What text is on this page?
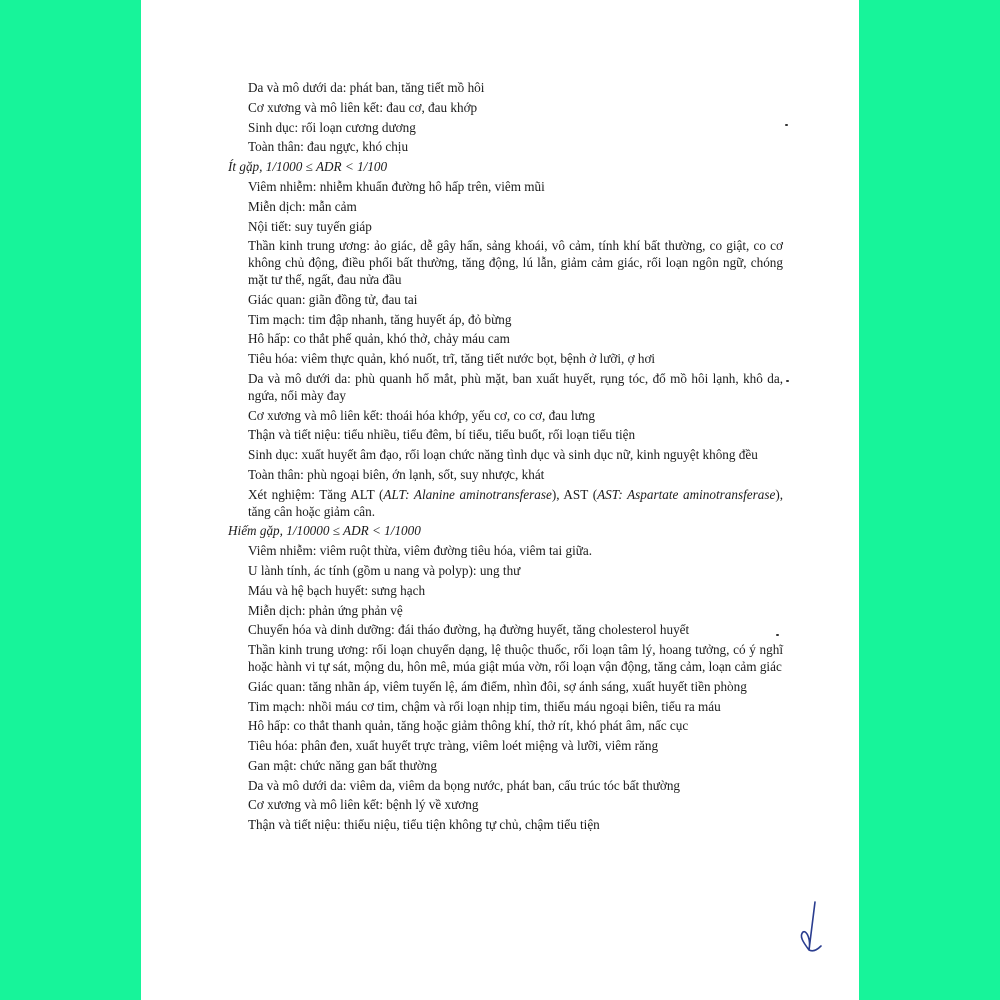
Da và mô dưới da: phát ban, tăng tiết mồ hôi

Cơ xương và mô liên kết: đau cơ, đau khớp

Sinh dục: rối loạn cương dương

Toàn thân: đau ngực, khó chịu

Ít gặp, 1/1000 ≤ ADR < 1/100

Viêm nhiễm: nhiễm khuẩn đường hô hấp trên, viêm mũi

Miễn dịch: mẫn cảm

Nội tiết: suy tuyến giáp

Thần kinh trung ương: ảo giác, dễ gây hấn, sảng khoái, vô cảm, tính khí bất thường, co giật, co cơ không chủ động, điều phối bất thường, tăng động, lú lẫn, giảm cảm giác, rối loạn ngôn ngữ, chóng mặt tư thế, ngất, đau nửa đầu

Giác quan: giãn đồng tử, đau tai

Tim mạch: tim đập nhanh, tăng huyết áp, đỏ bừng

Hô hấp: co thắt phế quản, khó thở, chảy máu cam

Tiêu hóa: viêm thực quản, khó nuốt, trĩ, tăng tiết nước bọt, bệnh ở lưỡi, ợ hơi

Da và mô dưới da: phù quanh hố mắt, phù mặt, ban xuất huyết, rụng tóc, đổ mồ hôi lạnh, khô da, ngứa, nổi mày đay

Cơ xương và mô liên kết: thoái hóa khớp, yếu cơ, co cơ, đau lưng

Thận và tiết niệu: tiểu nhiều, tiểu đêm, bí tiểu, tiểu buốt, rối loạn tiểu tiện

Sinh dục: xuất huyết âm đạo, rối loạn chức năng tình dục và sinh dục nữ, kinh nguyệt không đều

Toàn thân: phù ngoại biên, ớn lạnh, sốt, suy nhược, khát

Xét nghiệm: Tăng ALT (ALT: Alanine aminotransferase), AST (AST: Aspartate aminotransferase), tăng cân hoặc giảm cân.

Hiếm gặp, 1/10000 ≤ ADR < 1/1000

Viêm nhiễm: viêm ruột thừa, viêm đường tiêu hóa, viêm tai giữa.

U lành tính, ác tính (gồm u nang và polyp): ung thư

Máu và hệ bạch huyết: sưng hạch

Miễn dịch: phản ứng phản vệ

Chuyển hóa và dinh dưỡng: đái tháo đường, hạ đường huyết, tăng cholesterol huyết

Thần kinh trung ương: rối loạn chuyển dạng, lệ thuộc thuốc, rối loạn tâm lý, hoang tưởng, có ý nghĩ hoặc hành vi tự sát, mộng du, hôn mê, múa giật múa vờn, rối loạn vận động, tăng cảm, loạn cảm giác

Giác quan: tăng nhãn áp, viêm tuyến lệ, ám điểm, nhìn đôi, sợ ánh sáng, xuất huyết tiền phòng

Tim mạch: nhồi máu cơ tim, chậm và rối loạn nhịp tim, thiếu máu ngoại biên, tiểu ra máu

Hô hấp: co thắt thanh quản, tăng hoặc giảm thông khí, thở rít, khó phát âm, nấc cục

Tiêu hóa: phân đen, xuất huyết trực tràng, viêm loét miệng và lưỡi, viêm răng

Gan mật: chức năng gan bất thường

Da và mô dưới da: viêm da, viêm da bọng nước, phát ban, cấu trúc tóc bất thường

Cơ xương và mô liên kết: bệnh lý về xương

Thận và tiết niệu: thiểu niệu, tiểu tiện không tự chủ, chậm tiểu tiện
